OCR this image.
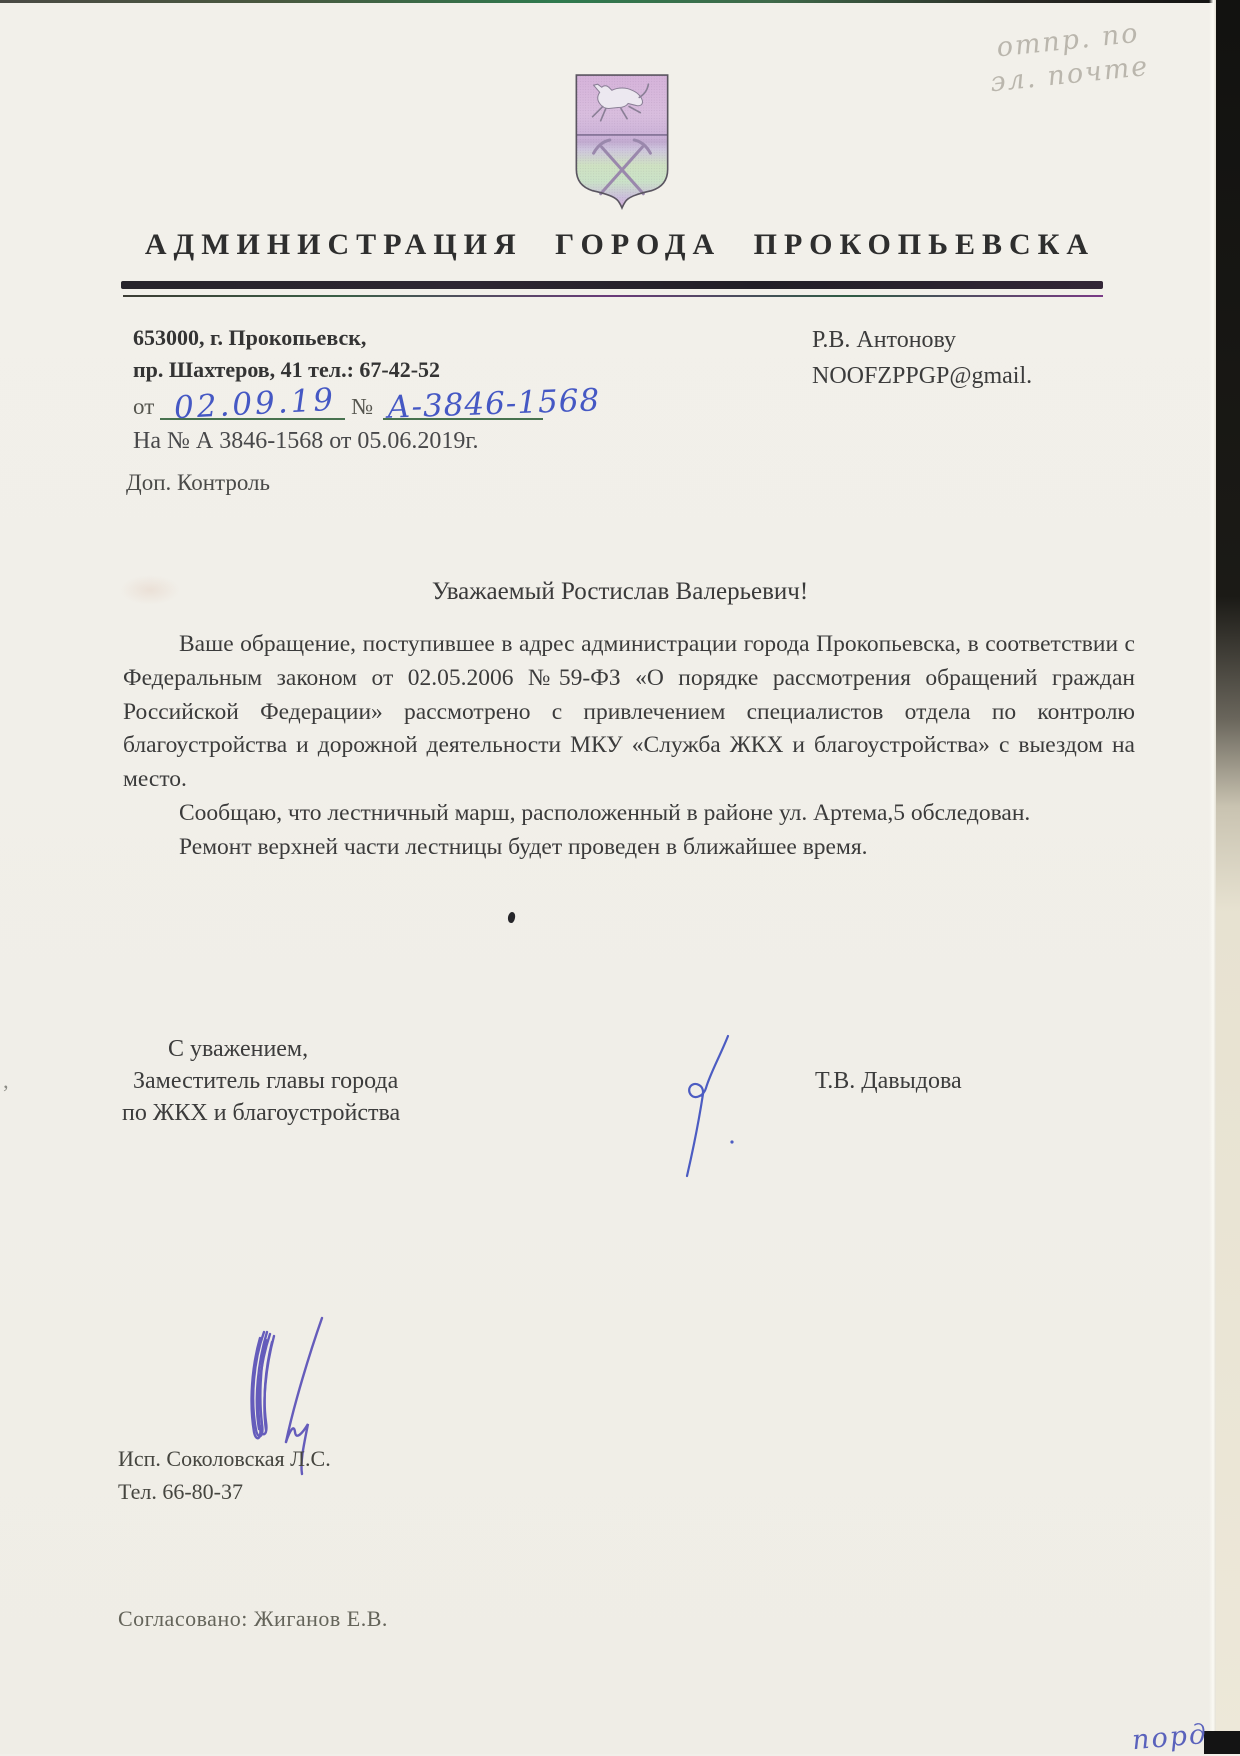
’
отпр. по
эл. почте
АДМИНИСТРАЦИЯ ГОРОДА ПРОКОПЬЕВСКА
653000, г. Прокопьевск,
пр. Шахтеров, 41 тел.: 67-42-52
от 02.09.19 № А-3846-1568
Р.В. Антонову
NOOFZPPGP@gmail.
На № А 3846-1568 от 05.06.2019г.
Доп. Контроль
Уважаемый Ростислав Валерьевич!

Ваше обращение, поступившее в адрес администрации города Прокопьевска, в соответствии с Федеральным законом от 02.05.2006 №59-ФЗ «О порядке рассмотрения обращений граждан Российской Федерации» рассмотрено с привлечением специалистов отдела по контролю благоустройства и дорожной деятельности МКУ «Служба ЖКХ и благоустройства» с выездом на место.

Сообщаю, что лестничный марш, расположенный в районе ул. Артема,5 обследован.

Ремонт верхней части лестницы будет проведен в ближайшее время.

С уважением,
Заместитель главы города
по ЖКХ и благоустройства
Т.В. Давыдова
Исп. Соколовская Л.С.
Тел. 66-80-37
Согласовано: Жиганов Е.В.
порд
